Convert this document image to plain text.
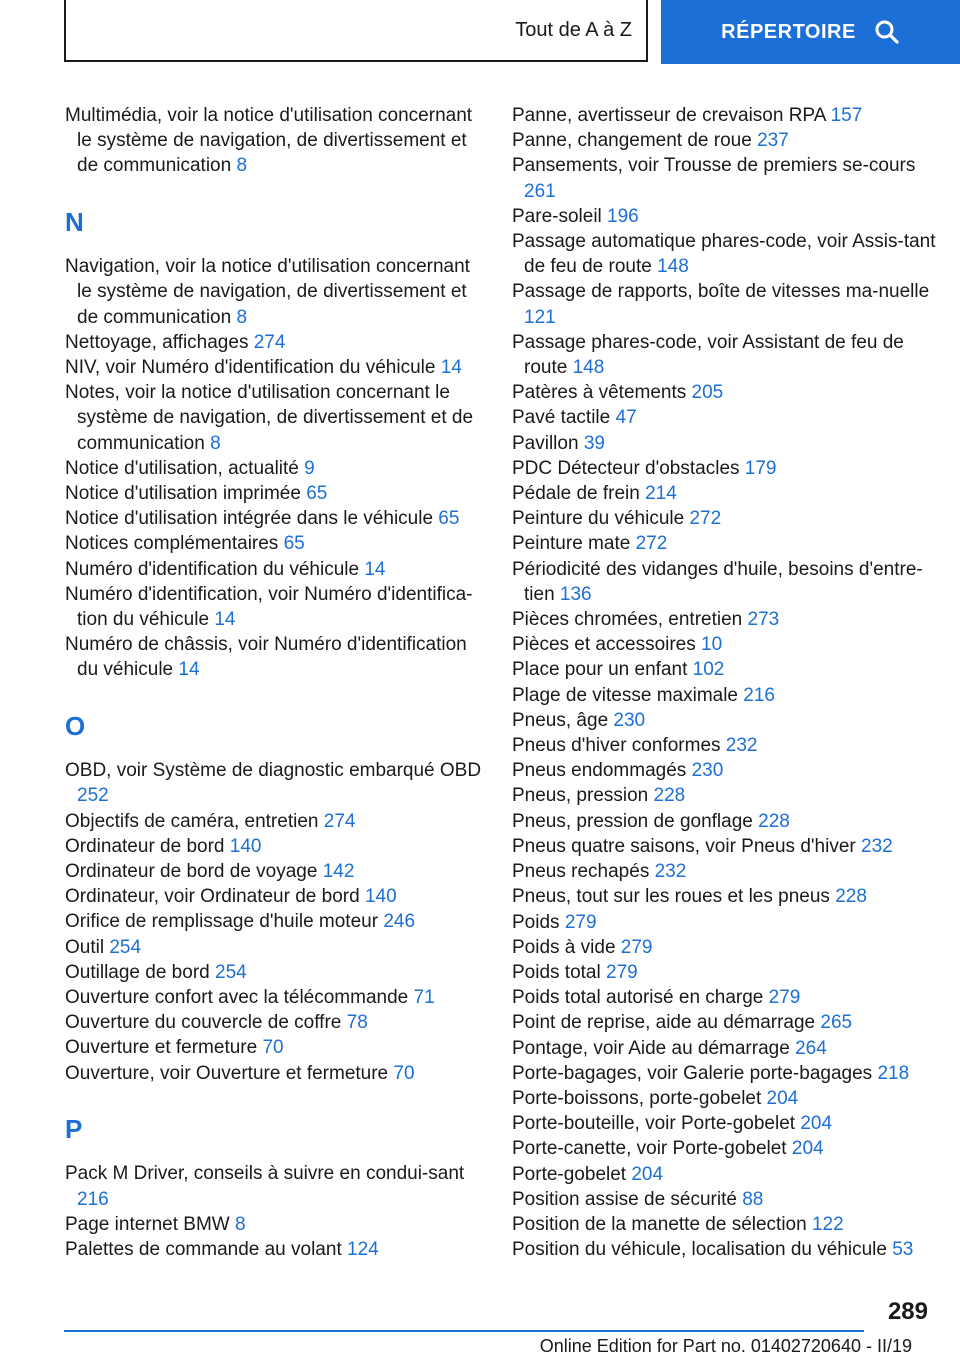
Tout de A à Z	RÉPERTOIRE
Multimédia, voir la notice d'utilisation concernant le système de navigation, de divertissement et de communication 8
N
Navigation, voir la notice d'utilisation concernant le système de navigation, de divertissement et de communication 8
Nettoyage, affichages 274
NIV, voir Numéro d'identification du véhicule 14
Notes, voir la notice d'utilisation concernant le système de navigation, de divertissement et de communication 8
Notice d'utilisation, actualité 9
Notice d'utilisation imprimée 65
Notice d'utilisation intégrée dans le véhicule 65
Notices complémentaires 65
Numéro d'identification du véhicule 14
Numéro d'identification, voir Numéro d'identifica‐tion du véhicule 14
Numéro de châssis, voir Numéro d'identification du véhicule 14
O
OBD, voir Système de diagnostic embarqué OBD 252
Objectifs de caméra, entretien 274
Ordinateur de bord 140
Ordinateur de bord de voyage 142
Ordinateur, voir Ordinateur de bord 140
Orifice de remplissage d'huile moteur 246
Outil 254
Outillage de bord 254
Ouverture confort avec la télécommande 71
Ouverture du couvercle de coffre 78
Ouverture et fermeture 70
Ouverture, voir Ouverture et fermeture 70
P
Pack M Driver, conseils à suivre en condui‐sant 216
Page internet BMW 8
Palettes de commande au volant 124
Panne, avertisseur de crevaison RPA 157
Panne, changement de roue 237
Pansements, voir Trousse de premiers se‐cours 261
Pare-soleil 196
Passage automatique phares-code, voir Assis‐tant de feu de route 148
Passage de rapports, boîte de vitesses ma‐nuelle 121
Passage phares-code, voir Assistant de feu de route 148
Patères à vêtements 205
Pavé tactile 47
Pavillon 39
PDC Détecteur d'obstacles 179
Pédale de frein 214
Peinture du véhicule 272
Peinture mate 272
Périodicité des vidanges d'huile, besoins d'entre‐tien 136
Pièces chromées, entretien 273
Pièces et accessoires 10
Place pour un enfant 102
Plage de vitesse maximale 216
Pneus, âge 230
Pneus d'hiver conformes 232
Pneus endommagés 230
Pneus, pression 228
Pneus, pression de gonflage 228
Pneus quatre saisons, voir Pneus d'hiver 232
Pneus rechapés 232
Pneus, tout sur les roues et les pneus 228
Poids 279
Poids à vide 279
Poids total 279
Poids total autorisé en charge 279
Point de reprise, aide au démarrage 265
Pontage, voir Aide au démarrage 264
Porte-bagages, voir Galerie porte-bagages 218
Porte-boissons, porte-gobelet 204
Porte-bouteille, voir Porte-gobelet 204
Porte-canette, voir Porte-gobelet 204
Porte-gobelet 204
Position assise de sécurité 88
Position de la manette de sélection 122
Position du véhicule, localisation du véhicule 53
289
Online Edition for Part no. 01402720640 - II/19
